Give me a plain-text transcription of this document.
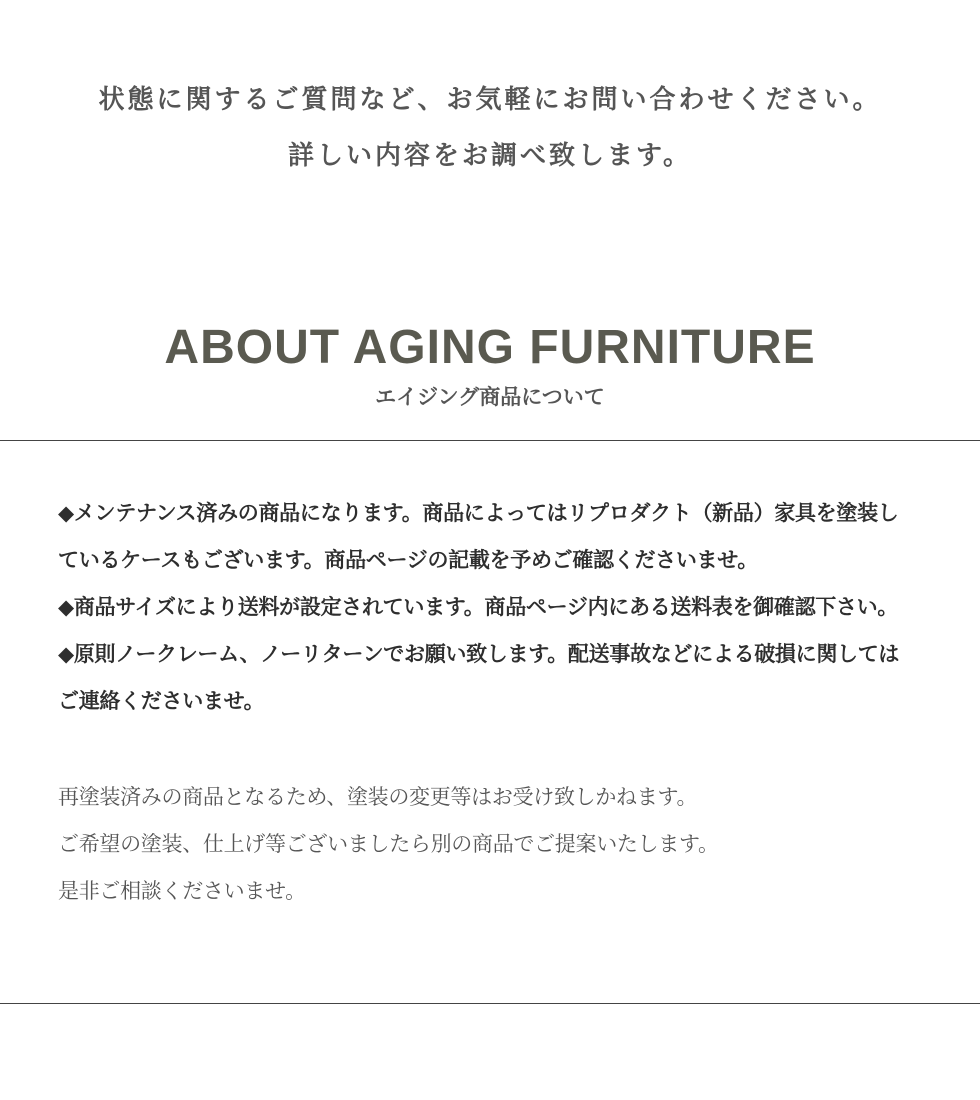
状態に関するご質問など、お気軽にお問い合わせください。

詳しい内容をお調べ致します。

ABOUT AGING FURNITURE

エイジング商品について

◆メンテナンス済みの商品になります。商品によってはリプロダクト（新品）家具を塗装し

ているケースもございます。商品ページの記載を予めご確認くださいませ。

◆商品サイズにより送料が設定されています。商品ページ内にある送料表を御確認下さい。

◆原則ノークレーム、ノーリターンでお願い致します。配送事故などによる破損に関しては

ご連絡くださいませ。

再塗装済みの商品となるため、塗装の変更等はお受け致しかねます。

ご希望の塗装、仕上げ等ございましたら別の商品でご提案いたします。

是非ご相談くださいませ。
